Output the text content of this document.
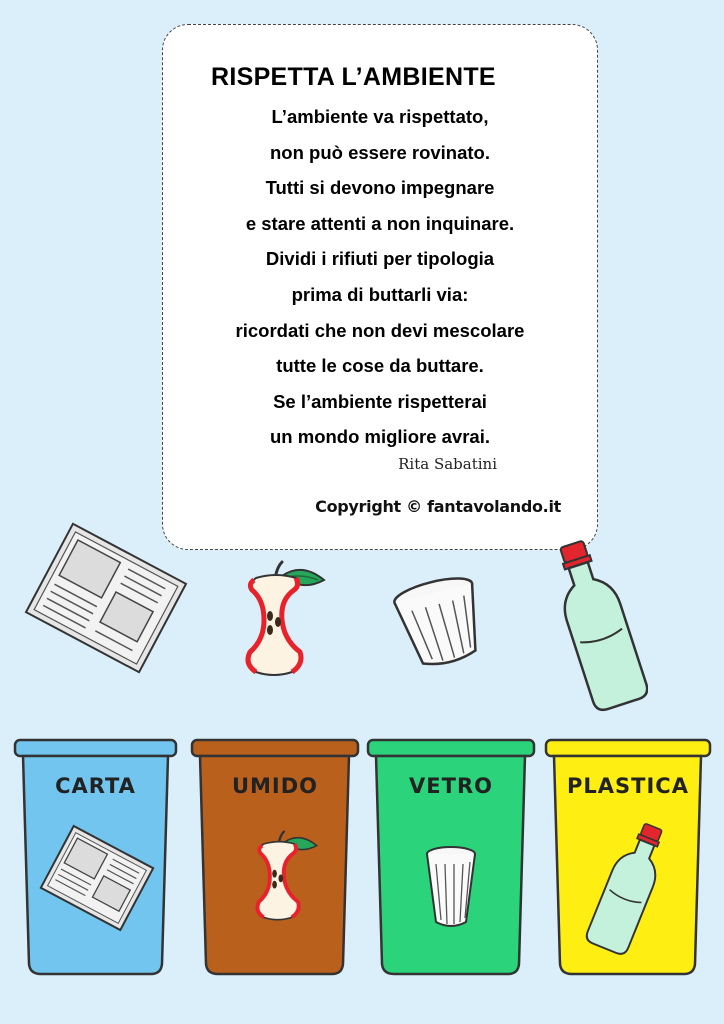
RISPETTA L’AMBIENTE
L’ambiente va rispettato,
non può essere rovinato.
Tutti si devono impegnare
e stare attenti a non inquinare.
Dividi i rifiuti per tipologia
prima di buttarli via:
ricordati che non devi mescolare
tutte le cose da buttare.
Se l’ambiente rispetterai
un mondo migliore avrai.
Rita Sabatini
Copyright © fantavolando.it
CARTA	UMIDO	VETRO	PLASTICA
